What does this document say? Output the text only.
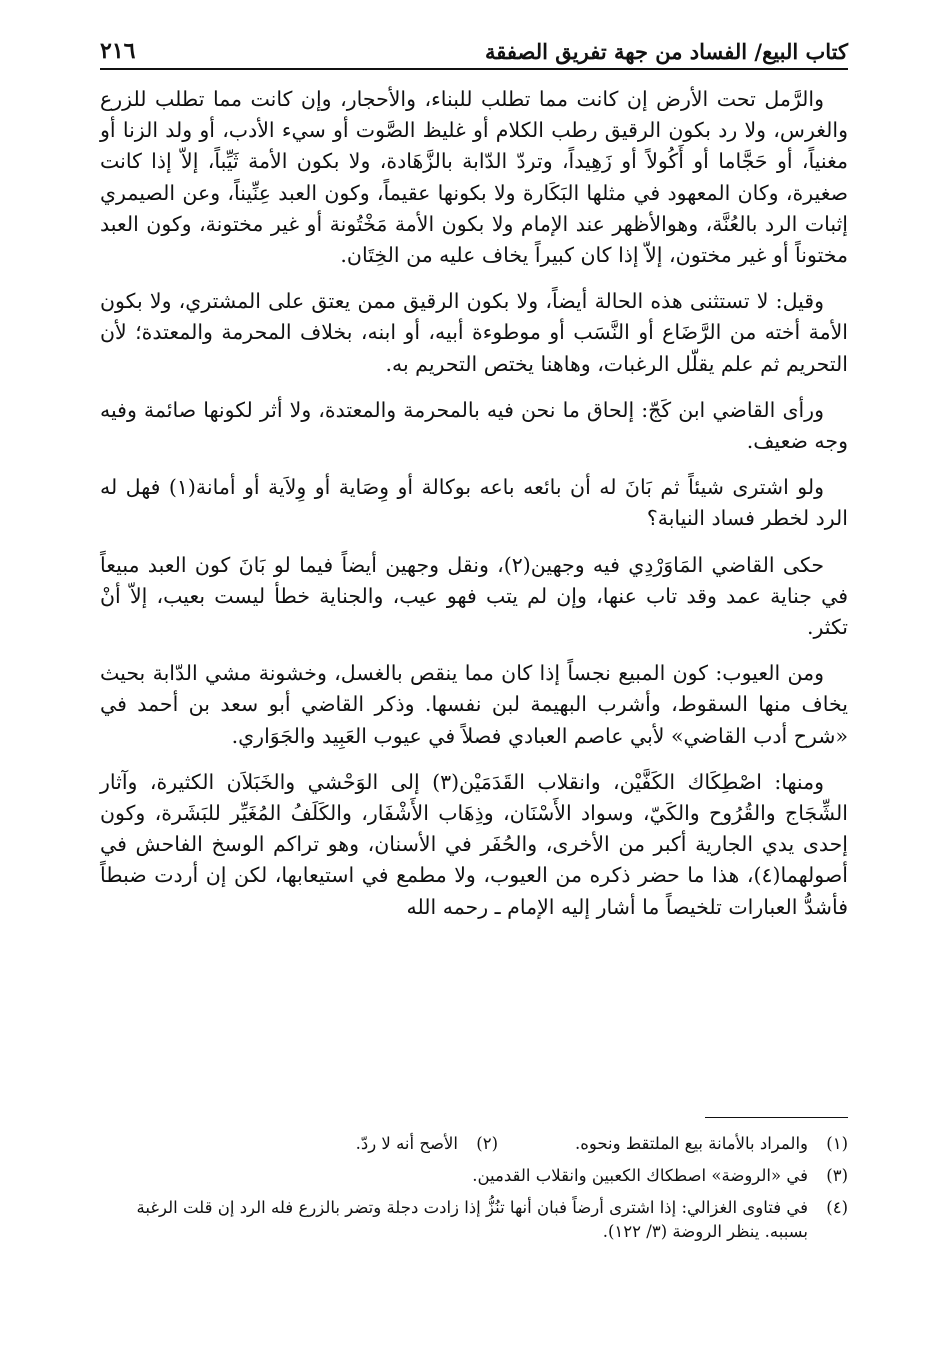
كتاب البيع/ الفساد من جهة تفريق الصفقة
٢١٦

والرَّمل تحت الأرض إن كانت مما تطلب للبناء، والأحجار، وإن كانت مما تطلب للزرع والغرس، ولا رد بكون الرقيق رطب الكلام أو غليظ الصَّوت أو سيء الأدب، أو ولد الزنا أو مغنياً، أو حَجَّاما أو أَكُولاً أو زَهِيداً، وتردّ الدّابة بالزَّهَادة، ولا بكون الأمة ثَيِّباً، إلاّ إذا كانت صغيرة، وكان المعهود في مثلها البَكَارة ولا بكونها عقيماً، وكون العبد عِنِّيناً، وعن الصيمري إثبات الرد بالعُنَّة، وهوالأظهر عند الإمام ولا بكون الأمة مَخْتُونة أو غير مختونة، وكون العبد مختوناً أو غير مختون، إلاّ إذا كان كبيراً يخاف عليه من الخِتَان.

وقيل: لا تستثنى هذه الحالة أيضاً، ولا بكون الرقيق ممن يعتق على المشتري، ولا بكون الأمة أخته من الرَّضَاع أو النَّسَب أو موطوءة أبيه، أو ابنه، بخلاف المحرمة والمعتدة؛ لأن التحريم ثم علم يقلّل الرغبات، وهاهنا يختص التحريم به.

ورأى القاضي ابن كَجّ: إلحاق ما نحن فيه بالمحرمة والمعتدة، ولا أثر لكونها صائمة وفيه وجه ضعيف.

ولو اشترى شيئاً ثم بَانَ له أن بائعه باعه بوكالة أو وِصَاية أو وِلاَية أو أمانة(١) فهل له الرد لخطر فساد النيابة؟

حكى القاضي المَاوَرْدِي فيه وجهين(٢)، ونقل وجهين أيضاً فيما لو بَانَ كون العبد مبيعاً في جناية عمد وقد تاب عنها، وإن لم يتب فهو عيب، والجناية خطأ ليست بعيب، إلاّ أنْ تكثر.

ومن العيوب: كون المبيع نجساً إذا كان مما ينقص بالغسل، وخشونة مشي الدّابة بحيث يخاف منها السقوط، وأشرب البهيمة لبن نفسها. وذكر القاضي أبو سعد بن أحمد في «شرح أدب القاضي» لأبي عاصم العبادي فصلاً في عيوب العَبِيد والجَوَاري.

ومنها: اصْطِكَاك الكَفَّيْن، وانقلاب القَدَمَيْن(٣) إلى الوَحْشي والخَبَلاَن الكثيرة، وآثار الشِّجَاج والقُرُوح والكَيّ، وسواد الأَسْنَان، وذِهَاب الأَشْفَار، والكَلَفُ المُغَيِّر للبَشَرة، وكون إحدى يدي الجارية أكبر من الأخرى، والحُفَر في الأسنان، وهو تراكم الوسخ الفاحش في أصولهما(٤)، هذا ما حضر ذكره من العيوب، ولا مطمع في استيعابها، لكن إن أردت ضبطاً فأشدُّ العبارات تلخيصاً ما أشار إليه الإمام ـ رحمه الله

(١)
والمراد بالأمانة بيع الملتقط ونحوه.
(٢)
الأصح أنه لا ردّ.
(٣)
في «الروضة» اصطكاك الكعبين وانقلاب القدمين.
(٤)
في فتاوى الغزالي: إذا اشترى أرضاً فبان أنها تنُزُّ إذا زادت دجلة وتضر بالزرع فله الرد إن قلت الرغبة بسببه. ينظر الروضة (٣/ ١٢٢).
